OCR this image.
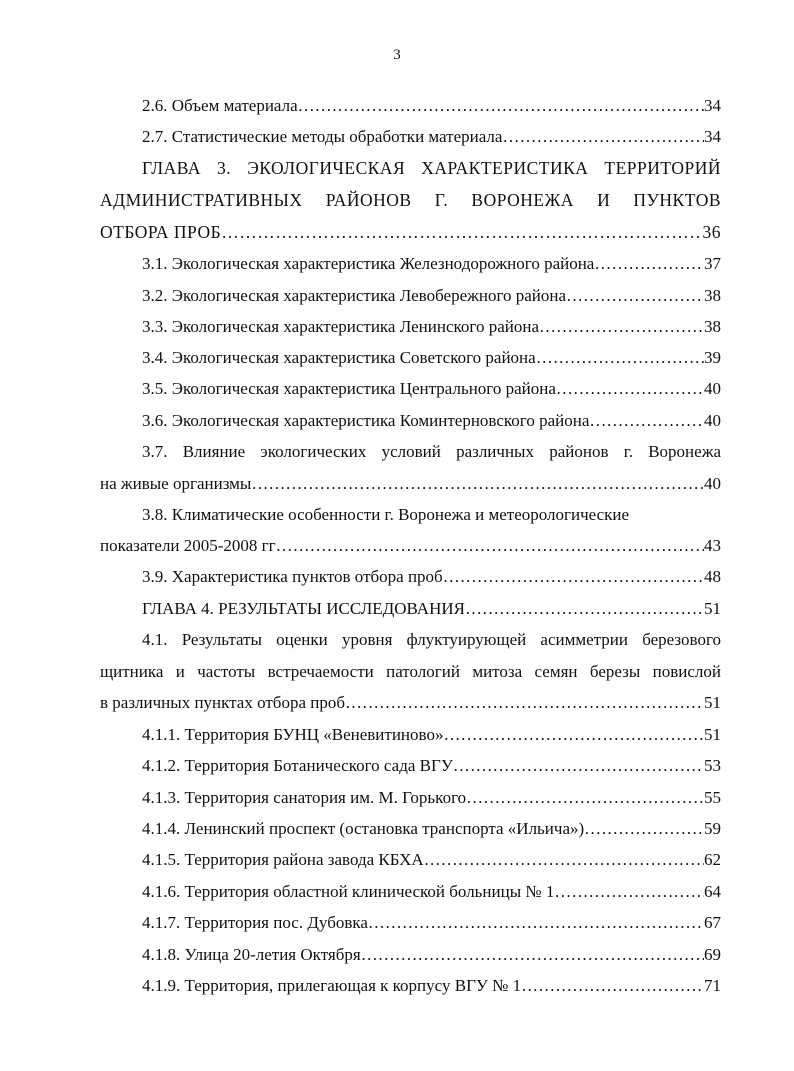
3
2.6. Объем материала ……………………………………………………………………………………………………………………………………………………………………………………	34
2.7. Статистические методы обработки материала ……………………………………………………………………………………………………………………………………………………………………………………	34
ГЛАВА 3. ЭКОЛОГИЧЕСКАЯ ХАРАКТЕРИСТИКА ТЕРРИТОРИЙ
АДМИНИСТРАТИВНЫХ РАЙОНОВ Г. ВОРОНЕЖА И ПУНКТОВ
ОТБОРА ПРОБ ……………………………………………………………………………………………………………………………………………………………………………………	36
3.1. Экологическая характеристика Железнодорожного района ……………………………………………………………………………………………………………………………………………………………………………………	37
3.2. Экологическая характеристика Левобережного района ……………………………………………………………………………………………………………………………………………………………………………………	38
3.3. Экологическая характеристика Ленинского района ……………………………………………………………………………………………………………………………………………………………………………………	38
3.4. Экологическая характеристика Советского района ……………………………………………………………………………………………………………………………………………………………………………………	39
3.5. Экологическая характеристика Центрального района ……………………………………………………………………………………………………………………………………………………………………………………	40
3.6. Экологическая характеристика Коминтерновского района ……………………………………………………………………………………………………………………………………………………………………………………	40
3.7. Влияние экологических условий различных районов г. Воронежа
на живые организмы ……………………………………………………………………………………………………………………………………………………………………………………	40
3.8. Климатические особенности г. Воронежа и метеорологические
показатели 2005-2008 гг ……………………………………………………………………………………………………………………………………………………………………………………	43
3.9. Характеристика пунктов отбора проб ……………………………………………………………………………………………………………………………………………………………………………………	48
ГЛАВА 4. РЕЗУЛЬТАТЫ ИССЛЕДОВАНИЯ ……………………………………………………………………………………………………………………………………………………………………………………	51
4.1. Результаты оценки уровня флуктуирующей асимметрии березового
щитника и частоты встречаемости патологий митоза семян березы повислой
в различных пунктах отбора проб ……………………………………………………………………………………………………………………………………………………………………………………	51
4.1.1. Территория БУНЦ «Веневитиново» ……………………………………………………………………………………………………………………………………………………………………………………	51
4.1.2. Территория Ботанического сада ВГУ ……………………………………………………………………………………………………………………………………………………………………………………	53
4.1.3. Территория санатория им. М. Горького ……………………………………………………………………………………………………………………………………………………………………………………	55
4.1.4. Ленинский проспект (остановка транспорта «Ильича») ……………………………………………………………………………………………………………………………………………………………………………………	59
4.1.5. Территория района завода КБХА ……………………………………………………………………………………………………………………………………………………………………………………	62
4.1.6. Территория областной клинической больницы № 1 ……………………………………………………………………………………………………………………………………………………………………………………	64
4.1.7. Территория пос. Дубовка ……………………………………………………………………………………………………………………………………………………………………………………	67
4.1.8. Улица 20-летия Октября ……………………………………………………………………………………………………………………………………………………………………………………	69
4.1.9. Территория, прилегающая к корпусу ВГУ № 1 ……………………………………………………………………………………………………………………………………………………………………………………	71
